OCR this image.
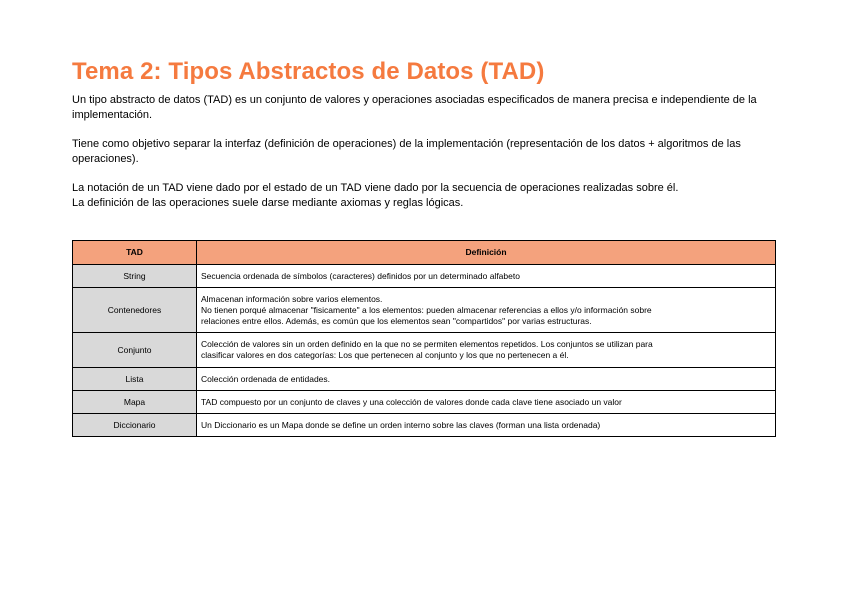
Tema 2: Tipos Abstractos de Datos (TAD)

Un tipo abstracto de datos (TAD) es un conjunto de valores y operaciones asociadas especificados de manera precisa e independiente de la
implementación.

Tiene como objetivo separar la interfaz (definición de operaciones) de la implementación (representación de los datos + algoritmos de las
operaciones).

La notación de un TAD viene dado por el estado de un TAD viene dado por la secuencia de operaciones realizadas sobre él.
La definición de las operaciones suele darse mediante axiomas y reglas lógicas.

TAD	Definición
String	Secuencia ordenada de símbolos (caracteres) definidos por un determinado alfabeto
Contenedores	Almacenan información sobre varios elementos.
No tienen porqué almacenar "fisicamente" a los elementos: pueden almacenar referencias a ellos y/o información sobre
relaciones entre ellos. Además, es común que los elementos sean "compartidos" por varias estructuras.
Conjunto	Colección de valores sin un orden definido en la que no se permiten elementos repetidos. Los conjuntos se utilizan para
clasificar valores en dos categorías: Los que pertenecen al conjunto y los que no pertenecen a él.
Lista	Colección ordenada de entidades.
Mapa	TAD compuesto por un conjunto de claves y una colección de valores donde cada clave tiene asociado un valor
Diccionario	Un Diccionario es un Mapa donde se define un orden interno sobre las claves (forman una lista ordenada)
